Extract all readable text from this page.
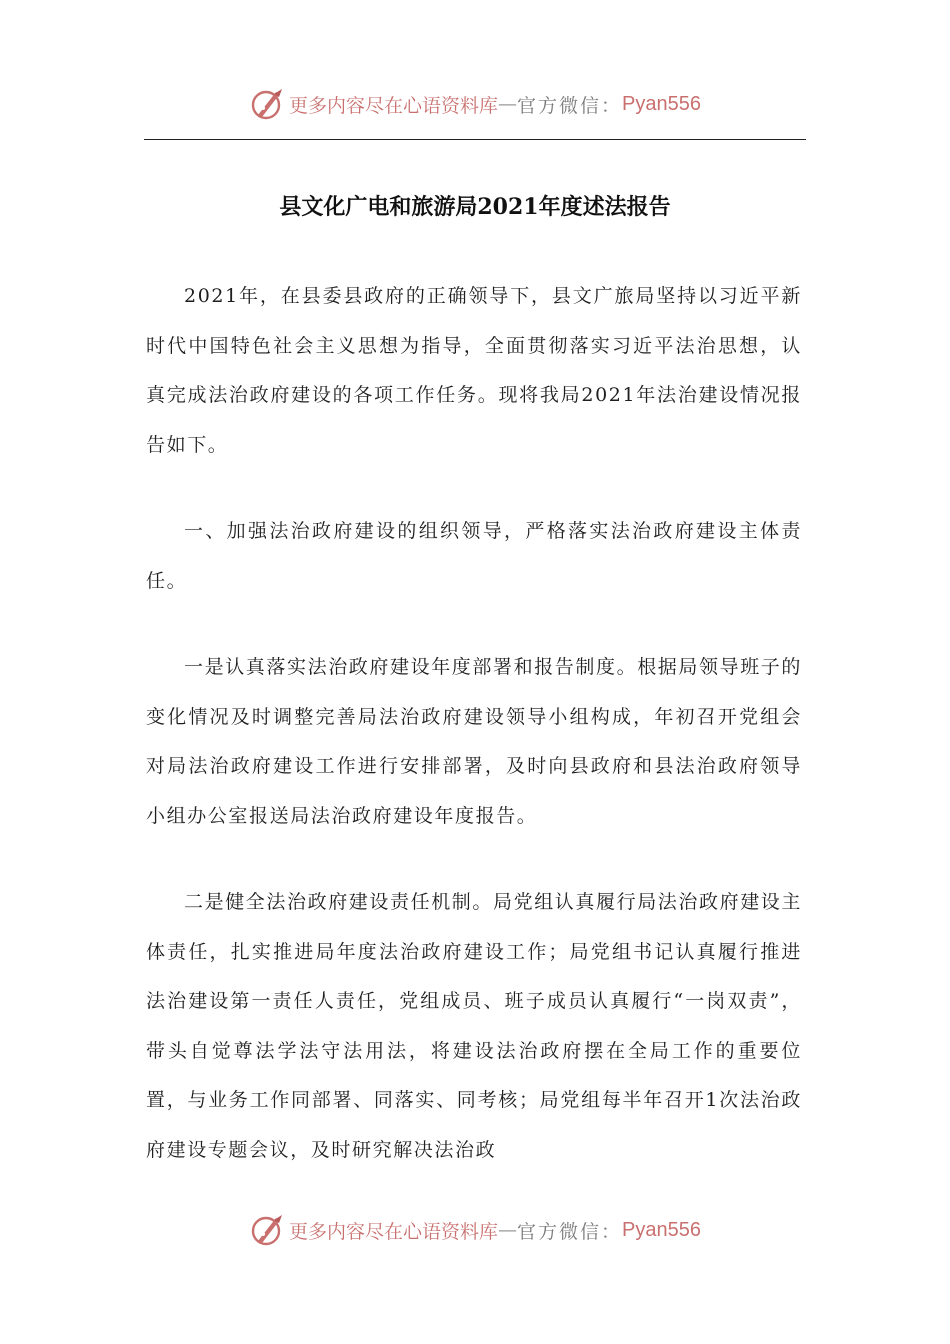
更多内容尽在心语资料库 — 官方微信： Pyan556
县文化广电和旅游局2021年度述法报告

2021年，在县委县政府的正确领导下，县文广旅局坚持以习近平新时代中国特色社会主义思想为指导，全面贯彻落实习近平法治思想，认真完成法治政府建设的各项工作任务。现将我局2021年法治建设情况报告如下。

一、加强法治政府建设的组织领导，严格落实法治政府建设主体责任。

一是认真落实法治政府建设年度部署和报告制度。根据局领导班子的变化情况及时调整完善局法治政府建设领导小组构成，年初召开党组会对局法治政府建设工作进行安排部署，及时向县政府和县法治政府领导小组办公室报送局法治政府建设年度报告。

二是健全法治政府建设责任机制。局党组认真履行局法治政府建设主体责任，扎实推进局年度法治政府建设工作；局党组书记认真履行推进法治建设第一责任人责任，党组成员、班子成员认真履行“一岗双责”，带头自觉尊法学法守法用法，将建设法治政府摆在全局工作的重要位置，与业务工作同部署、同落实、同考核；局党组每半年召开1次法治政府建设专题会议，及时研究解决法治政

更多内容尽在心语资料库 — 官方微信： Pyan556
